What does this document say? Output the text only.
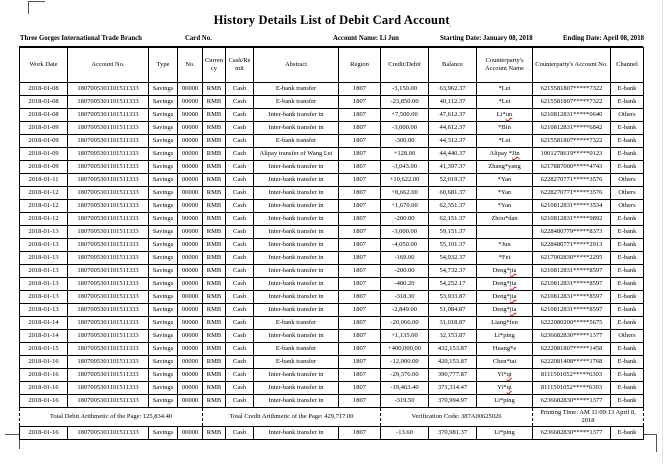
History Details List of Debit Card Account,
Three Gorges International Trade Branch	Card No.	Account Name: Li Jun	Starting Date: January 08, 2018	Ending Date: April 08, 2018
Work Date	Account No.	Type	No.	Currency	Cash/Remit	Abstract	Region	Credit/Debit	Balance	Counterparty's Account Name	Counterparty's Account No.	Channel
2018-01-08	1807005301101511333	Savings	00000	RMB	Cash	E-bank transfer	1807	-3,150.00	63,962.37	*Lei	6215581807*****7322	E-bank
2018-01-08	1807005301101511333	Savings	00000	RMB	Cash	E-bank transfer	1807	-23,850.00	40,112.37	*Lei	6215581807*****7322	E-bank
2018-01-08	1807005301101511333	Savings	00000	RMB	Cash	Inter-bank transfer in	1807	+7,500.00	47,612.37	Li*un	6210812831*****0640	Others
2018-01-09	1807005301101511333	Savings	00000	RMB	Cash	Inter-bank transfer in	1807	-3,000.00	44,612.37	*Bin	6210812831*****6842	E-bank
2018-01-09	1807005301101511333	Savings	00000	RMB	Cash	E-bank transfer	1807	-300.00	44,312.37	*Lei	6215581807*****7322	E-bank
2018-01-09	1807005301101511333	Savings	00000	RMB	Cash	Alipay transfer of Wang Lei	1807	+128.00	44,440.37	Alipay *Jin	1001278619*****0123	E-bank
2018-01-09	1807005301101511333	Savings	00000	RMB	Cash	Inter-bank transfer in	1807	-3,043.00	41,397.37	Zhang*yang	6217887000*****4743	E-bank
2018-01-11	1807005301101511333	Savings	00000	RMB	Cash	Inter-bank transfer in	1807	+10,622.00	52,019.37	*Yan	6228270771*****3576	Others
2018-01-12	1807005301101511333	Savings	00000	RMB	Cash	Inter-bank transfer in	1807	+8,662.00	60,681.37	*Yan	6228270771*****3576	Others
2018-01-12	1807005301101511333	Savings	00000	RMB	Cash	Inter-bank transfer in	1807	+1,670.00	62,351.37	*Yan	6210812831*****3534	Others
2018-01-12	1807005301101511333	Savings	00000	RMB	Cash	Inter-bank transfer in	1807	-200.00	62,151.37	Zhou*dan	6210812831*****9892	E-bank
2018-01-13	1807005301101511333	Savings	00000	RMB	Cash	Inter-bank transfer in	1807	-3,000.00	59,151.37		6228480779*****8373	E-bank
2018-01-13	1807005301101511333	Savings	00000	RMB	Cash	Inter-bank transfer in	1807	-4,050.00	55,101.37	*Jun	6228480771*****2913	E-bank
2018-01-13	1807005301101511333	Savings	00000	RMB	Cash	Inter-bank transfer in	1807	-169.00	54,932.37	*Fei	6217002830*****2295	E-bank
2018-01-13	1807005301101511333	Savings	00000	RMB	Cash	Inter-bank transfer in	1807	-200.00	54,732.37	Deng*jia	6210812831*****8597	E-bank
2018-01-13	1807005301101511333	Savings	00000	RMB	Cash	Inter-bank transfer in	1807	-480.20	54,252.17	Deng*jia	6210812831*****8597	E-bank
2018-01-13	1807005301101511333	Savings	00000	RMB	Cash	Inter-bank transfer in	1807	-318.30	53,933.87	Deng*jia	6210812831*****8597	E-bank
2018-01-13	1807005301101511333	Savings	00000	RMB	Cash	Inter-bank transfer in	1807	-2,849.00	51,084.87	Deng*jia	6210812831*****8597	E-bank
2018-01-14	1807005301101511333	Savings	00000	RMB	Cash	E-bank transfer	1807	-20,066.00	31,018.87	Liang*fen	6222080200*****5675	E-bank
2018-01-14	1807005301101511333	Savings	00000	RMB	Cash	Inter-bank transfer in	1807	+1,135.00	32,153.87	Li*ping	6236682830*****1377	Others
2018-01-15	1807005301101511333	Savings	00000	RMB	Cash	E-bank transfer	1807	+400,000,00	432,153.87	Huang*e	6222081807*****1458	E-bank
2018-01-16	1807005301101511333	Savings	00000	RMB	Cash	E-bank transfer	1807	-12,000.00	420,153.87	Chen*tai	6222081408*****1768	E-bank
2018-01-16	1807005301101511333	Savings	00000	RMB	Cash	Inter-bank transfer in	1807	-29,376.00	390,777.87	Yi*qi	8111501052*****6303	E-bank
2018-01-16	1807005301101511333	Savings	00000	RMB	Cash	Inter-bank transfer in	1807	-19,463.40	371,314.47	Yi*qi	8111501052*****6303	E-bank
2018-01-16	1807005301101511333	Savings	00000	RMB	Cash	Inter-bank transfer in	1807	-319.50	370,994.97	Li*ping	6236682830*****1377	E-bank
Total Debit Arithmetic of the Page: 125,834.40				Total Credit Arithmetic of the Page: 429,717.00				Verification Code: 387A00625026			Printing Time: AM 11:09:13 April 8, 2018	
2018-01-16	1807005301101511333	Savings	00000	RMB	Cash	Inter-bank transfer in	1807	-13.60	370,981.37	Li*ping	6236682830*****1377	E-bank
